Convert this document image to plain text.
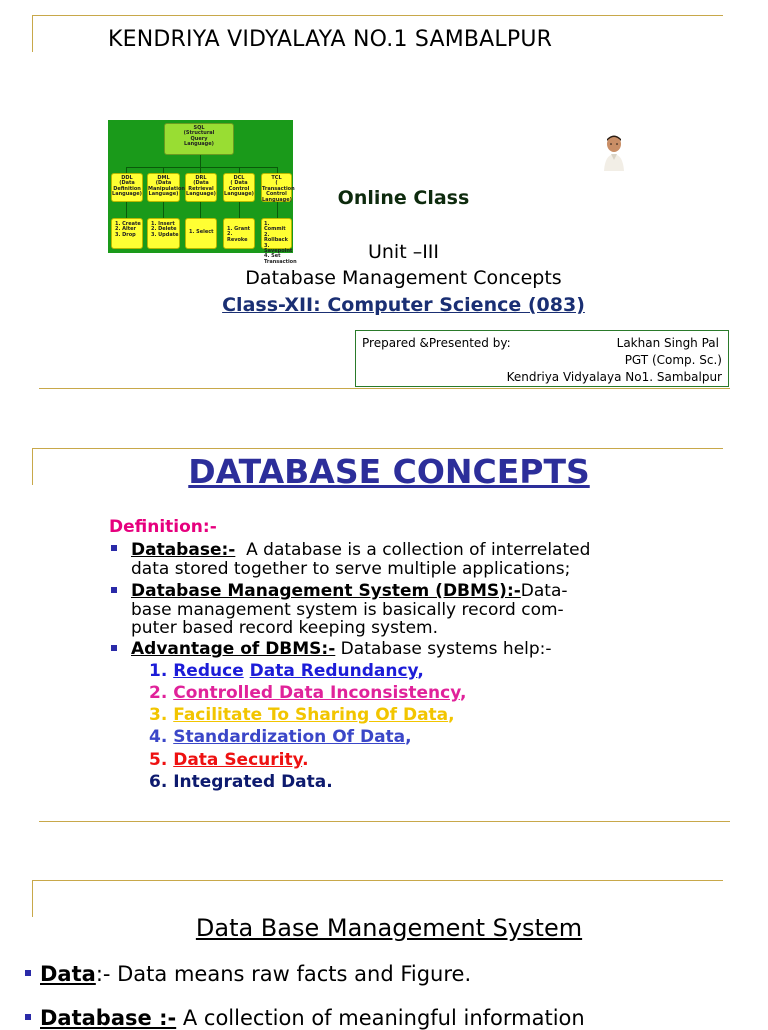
KENDRIYA VIDYALAYA NO.1 SAMBALPUR
SQL
(Structural
Query
Language)
DDL
(Data
Definition
Language)
DML
(Data
Manipulation
Language)
DRL
(Data
Retrieval
Language)
DCL
( Data
Control
Language)
TCL
( Transaction
Control
Language)
1. Create
2. Alter
3. Drop
1. Insert
2. Delete
3. Update 1. Select	1. Grant
2. Revoke
1. Commit
2. Rollback
3. Savepoint
4. Set Transaction
Online Class
Unit –III
Database Management Concepts
Class-XII: Computer Science (083)
Prepared &Presented by:	Lakhan Singh Pal
PGT (Comp. Sc.)
Kendriya Vidyalaya No1. Sambalpur
DATABASE CONCEPTS
Definition:-
Database:-  A database is a collection of interrelated
data stored together to serve multiple applications;
Database Management System (DBMS):-Data-
base management system is basically record com-
puter based record keeping system.
Advantage of DBMS:- Database systems help:-
1. Reduce Data Redundancy,
2. Controlled Data Inconsistency,
3. Facilitate To Sharing Of Data,
4. Standardization Of Data,
5. Data Security.
6. Integrated Data.
Data Base Management System
Data:- Data means raw facts and Figure.
Database :- A collection of meaningful information
